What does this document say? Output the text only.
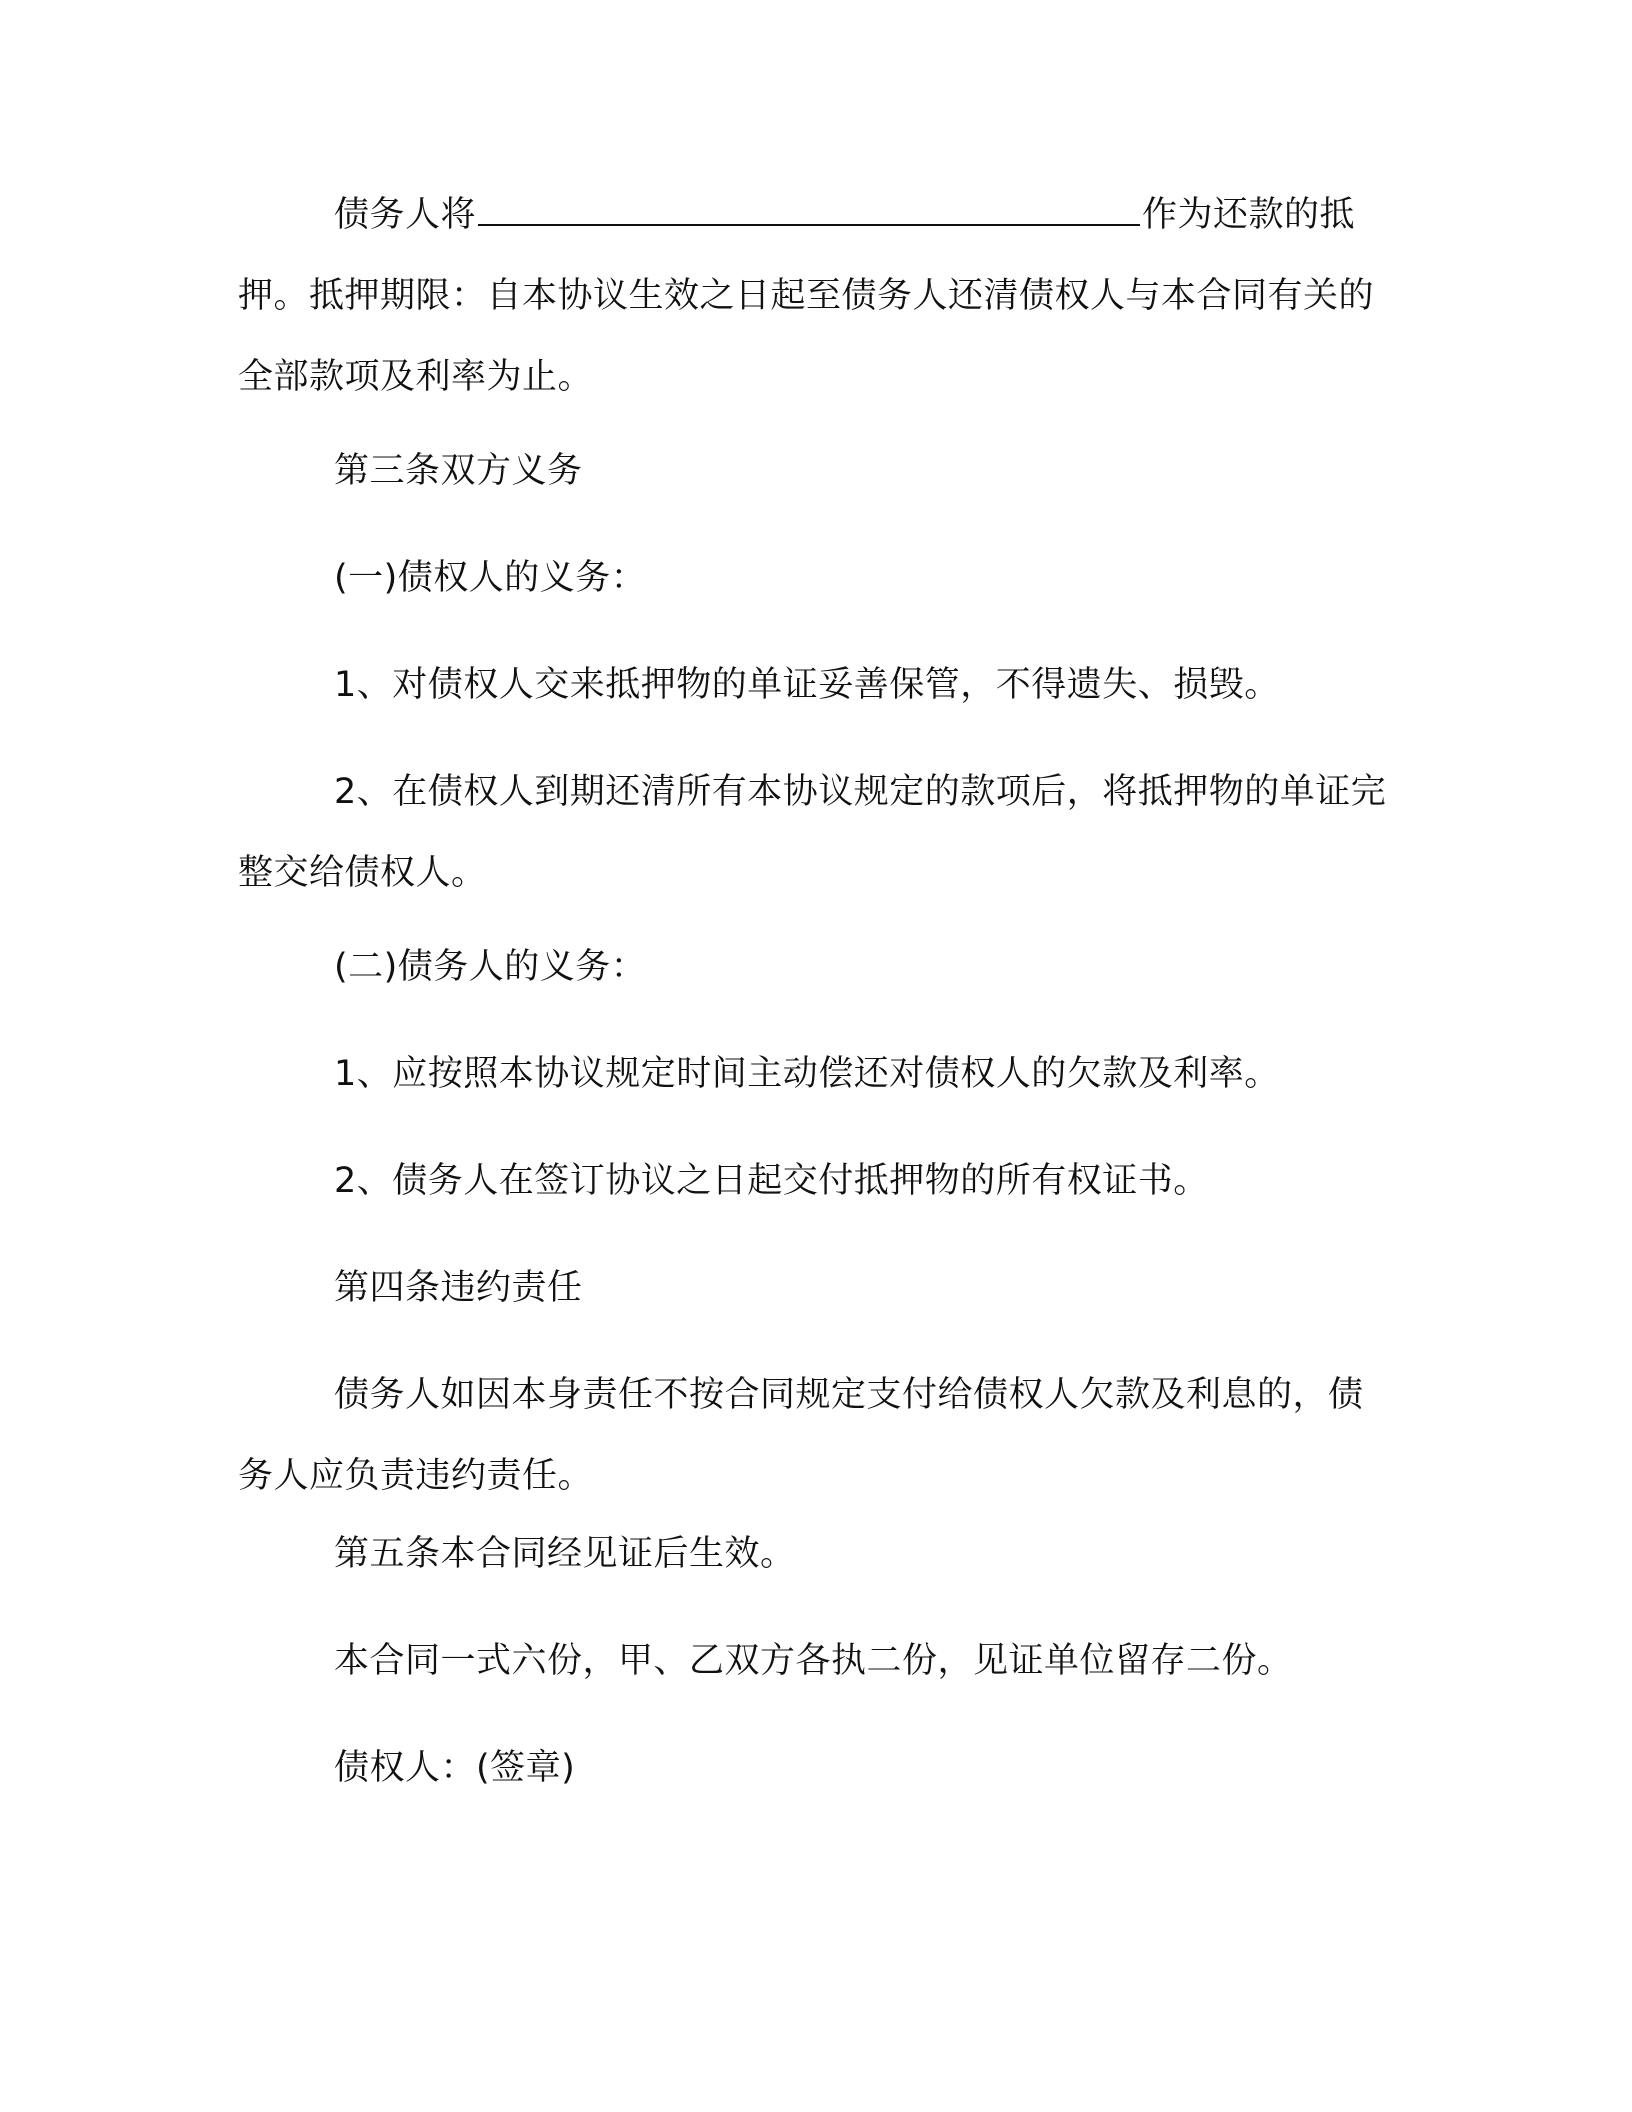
债务人将	作为还款的抵押。抵押期限：自本协议生效之日起至债务人还清债权人与本合同有关的全部款项及利率为止。

第三条双方义务

(一)债权人的义务：

1、对债权人交来抵押物的单证妥善保管，不得遗失、损毁。

2、在债权人到期还清所有本协议规定的款项后，将抵押物的单证完整交给债权人。

(二)债务人的义务：

1、应按照本协议规定时间主动偿还对债权人的欠款及利率。

2、债务人在签订协议之日起交付抵押物的所有权证书。

第四条违约责任

债务人如因本身责任不按合同规定支付给债权人欠款及利息的，债务人应负责违约责任。

第五条本合同经见证后生效。

本合同一式六份，甲、乙双方各执二份，见证单位留存二份。

债权人：(签章)
